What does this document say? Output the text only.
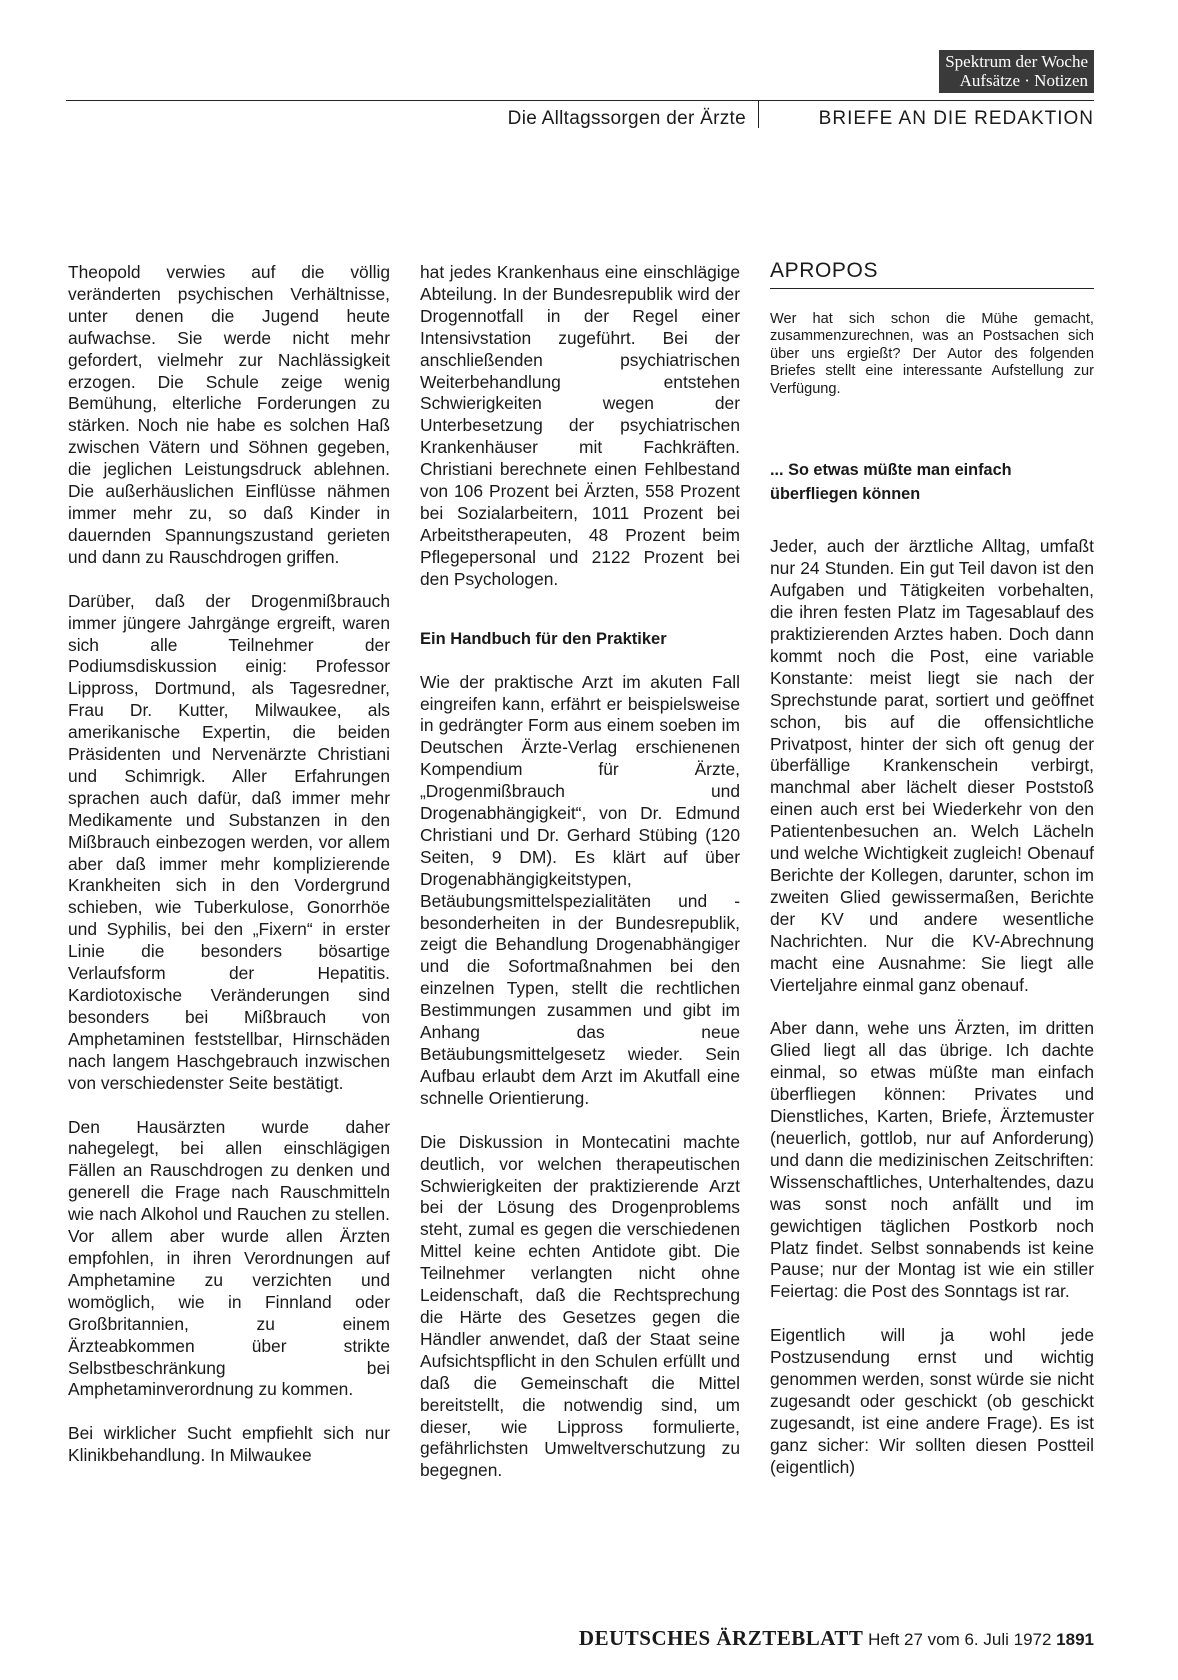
Spektrum der Woche
Aufsätze · Notizen
Die Alltagssorgen der Ärzte	BRIEFE AN DIE REDAKTION

Theopold verwies auf die völlig veränderten psychischen Verhältnisse, unter denen die Jugend heute aufwachse. Sie werde nicht mehr gefordert, vielmehr zur Nachlässigkeit erzogen. Die Schule zeige wenig Bemühung, elterliche Forderungen zu stärken. Noch nie habe es solchen Haß zwischen Vätern und Söhnen gegeben, die jeglichen Leistungsdruck ablehnen. Die außerhäuslichen Einflüsse nähmen immer mehr zu, so daß Kinder in dauernden Spannungszustand gerieten und dann zu Rauschdrogen griffen.

Darüber, daß der Drogenmißbrauch immer jüngere Jahrgänge ergreift, waren sich alle Teilnehmer der Podiumsdiskussion einig: Professor Lippross, Dortmund, als Tagesredner, Frau Dr. Kutter, Milwaukee, als amerikanische Expertin, die beiden Präsidenten und Nervenärzte Christiani und Schimrigk. Aller Erfahrungen sprachen auch dafür, daß immer mehr Medikamente und Substanzen in den Mißbrauch einbezogen werden, vor allem aber daß immer mehr komplizierende Krankheiten sich in den Vordergrund schieben, wie Tuberkulose, Gonorrhöe und Syphilis, bei den „Fixern“ in erster Linie die besonders bösartige Verlaufsform der Hepatitis. Kardiotoxische Veränderungen sind besonders bei Mißbrauch von Amphetaminen feststellbar, Hirnschäden nach langem Haschgebrauch inzwischen von verschiedenster Seite bestätigt.

Den Hausärzten wurde daher nahegelegt, bei allen einschlägigen Fällen an Rauschdrogen zu denken und generell die Frage nach Rauschmitteln wie nach Alkohol und Rauchen zu stellen. Vor allem aber wurde allen Ärzten empfohlen, in ihren Verordnungen auf Amphetamine zu verzichten und womöglich, wie in Finnland oder Großbritannien, zu einem Ärzteabkommen über strikte Selbstbeschränkung bei Amphetaminverordnung zu kommen.

Bei wirklicher Sucht empfiehlt sich nur Klinikbehandlung. In Milwaukee

hat jedes Krankenhaus eine einschlägige Abteilung. In der Bundesrepublik wird der Drogennotfall in der Regel einer Intensivstation zugeführt. Bei der anschließenden psychiatrischen Weiterbehandlung entstehen Schwierigkeiten wegen der Unterbesetzung der psychiatrischen Krankenhäuser mit Fachkräften. Christiani berechnete einen Fehlbestand von 106 Prozent bei Ärzten, 558 Prozent bei Sozialarbeitern, 1011 Prozent bei Arbeitstherapeuten, 48 Prozent beim Pflegepersonal und 2122 Prozent bei den Psychologen.

Ein Handbuch für den Praktiker

Wie der praktische Arzt im akuten Fall eingreifen kann, erfährt er beispielsweise in gedrängter Form aus einem soeben im Deutschen Ärzte-Verlag erschienenen Kompendium für Ärzte, „Drogenmißbrauch und Drogenabhängigkeit“, von Dr. Edmund Christiani und Dr. Gerhard Stübing (120 Seiten, 9 DM). Es klärt auf über Drogenabhängigkeitstypen, Betäubungsmittelspezialitäten und -besonderheiten in der Bundesrepublik, zeigt die Behandlung Drogenabhängiger und die Sofortmaßnahmen bei den einzelnen Typen, stellt die rechtlichen Bestimmungen zusammen und gibt im Anhang das neue Betäubungsmittelgesetz wieder. Sein Aufbau erlaubt dem Arzt im Akutfall eine schnelle Orientierung.

Die Diskussion in Montecatini machte deutlich, vor welchen therapeutischen Schwierigkeiten der praktizierende Arzt bei der Lösung des Drogenproblems steht, zumal es gegen die verschiedenen Mittel keine echten Antidote gibt. Die Teilnehmer verlangten nicht ohne Leidenschaft, daß die Rechtsprechung die Härte des Gesetzes gegen die Händler anwendet, daß der Staat seine Aufsichtspflicht in den Schulen erfüllt und daß die Gemeinschaft die Mittel bereitstellt, die notwendig sind, um dieser, wie Lippross formulierte, gefährlichsten Umweltverschutzung zu begegnen.

APROPOS

Wer hat sich schon die Mühe gemacht, zusammenzurechnen, was an Postsachen sich über uns ergießt? Der Autor des folgenden Briefes stellt eine interessante Aufstellung zur Verfügung.

... So etwas müßte man einfach überfliegen können

Jeder, auch der ärztliche Alltag, umfaßt nur 24 Stunden. Ein gut Teil davon ist den Aufgaben und Tätigkeiten vorbehalten, die ihren festen Platz im Tagesablauf des praktizierenden Arztes haben. Doch dann kommt noch die Post, eine variable Konstante: meist liegt sie nach der Sprechstunde parat, sortiert und geöffnet schon, bis auf die offensichtliche Privatpost, hinter der sich oft genug der überfällige Krankenschein verbirgt, manchmal aber lächelt dieser Poststoß einen auch erst bei Wiederkehr von den Patientenbesuchen an. Welch Lächeln und welche Wichtigkeit zugleich! Obenauf Berichte der Kollegen, darunter, schon im zweiten Glied gewissermaßen, Berichte der KV und andere wesentliche Nachrichten. Nur die KV-Abrechnung macht eine Ausnahme: Sie liegt alle Vierteljahre einmal ganz obenauf.

Aber dann, wehe uns Ärzten, im dritten Glied liegt all das übrige. Ich dachte einmal, so etwas müßte man einfach überfliegen können: Privates und Dienstliches, Karten, Briefe, Ärztemuster (neuerlich, gottlob, nur auf Anforderung) und dann die medizinischen Zeitschriften: Wissenschaftliches, Unterhaltendes, dazu was sonst noch anfällt und im gewichtigen täglichen Postkorb noch Platz findet. Selbst sonnabends ist keine Pause; nur der Montag ist wie ein stiller Feiertag: die Post des Sonntags ist rar.

Eigentlich will ja wohl jede Postzusendung ernst und wichtig genommen werden, sonst würde sie nicht zugesandt oder geschickt (ob geschickt zugesandt, ist eine andere Frage). Es ist ganz sicher: Wir sollten diesen Postteil (eigentlich)

DEUTSCHES ÄRZTEBLATT Heft 27 vom 6. Juli 1972 1891
